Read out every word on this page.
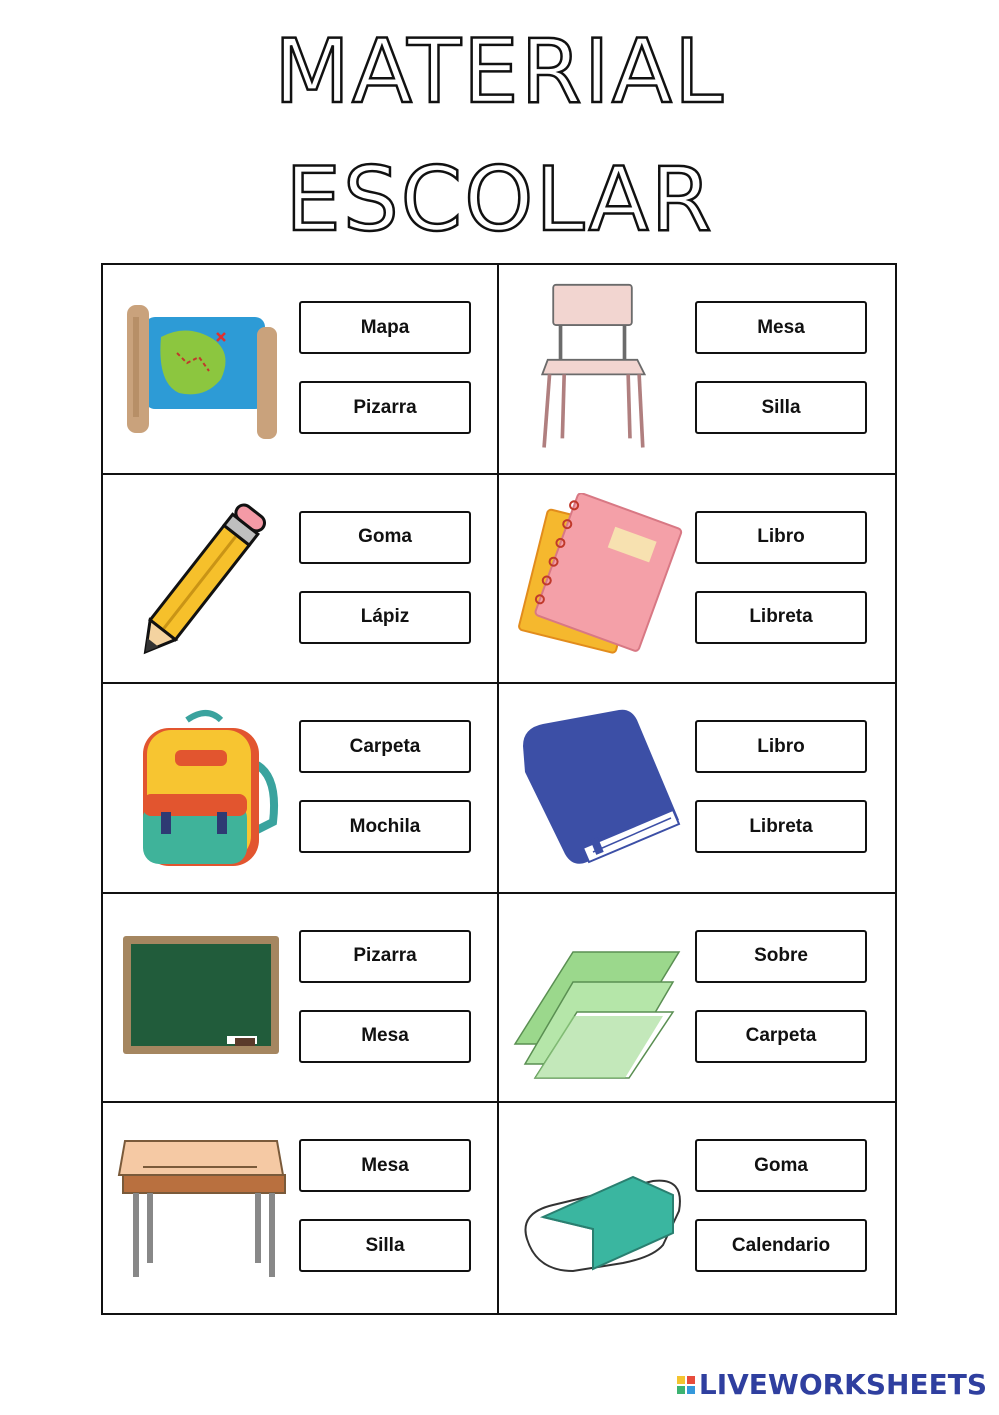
MATERIAL
ESCOLAR
Mapa
Pizarra
Mesa
Silla
Goma
Lápiz
Libro
Libreta
Carpeta
Mochila
Libro
Libreta
Pizarra
Mesa
Sobre
Carpeta
Mesa
Silla
Goma
Calendario
LIVEWORKSHEETS
